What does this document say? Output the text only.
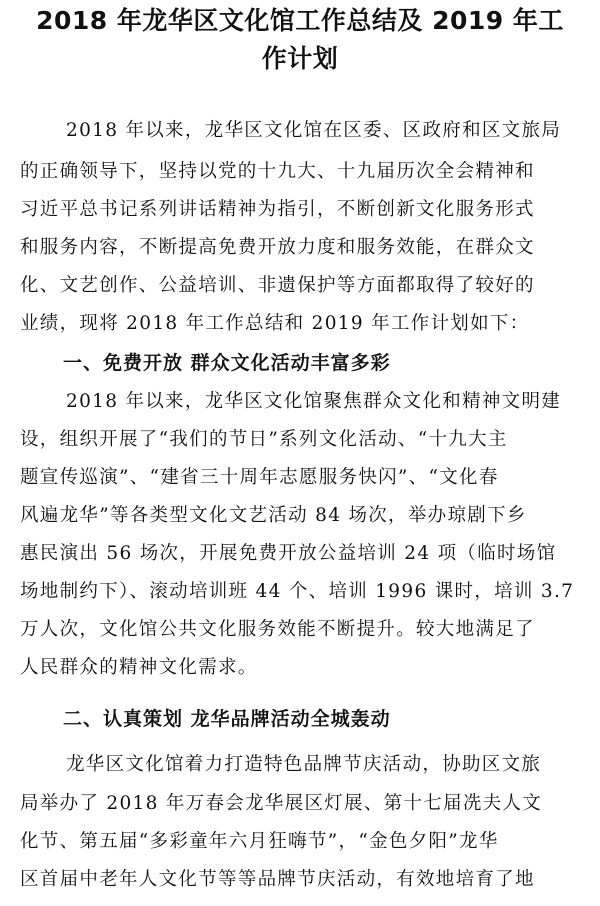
2018 年龙华区文化馆工作总结及 2019 年工
作计划
2018 年以来，龙华区文化馆在区委、区政府和区文旅局
的正确领导下，坚持以党的十九大、十九届历次全会精神和
习近平总书记系列讲话精神为指引，不断创新文化服务形式
和服务内容，不断提高免费开放力度和服务效能，在群众文
化、文艺创作、公益培训、非遗保护等方面都取得了较好的
业绩，现将 2018 年工作总结和 2019 年工作计划如下：
一、免费开放 群众文化活动丰富多彩
2018 年以来，龙华区文化馆聚焦群众文化和精神文明建
设，组织开展了“我们的节日”系列文化活动、“十九大主
题宣传巡演”、“建省三十周年志愿服务快闪”、“文化春
风遍龙华”等各类型文化文艺活动 84 场次，举办琼剧下乡
惠民演出 56 场次，开展免费开放公益培训 24 项（临时场馆
场地制约下）、滚动培训班 44 个、培训 1996 课时，培训 3.7
万人次，文化馆公共文化服务效能不断提升。较大地满足了
人民群众的精神文化需求。
二、认真策划 龙华品牌活动全城轰动
龙华区文化馆着力打造特色品牌节庆活动，协助区文旅
局举办了 2018 年万春会龙华展区灯展、第十七届冼夫人文
化节、第五届“多彩童年六月狂嗨节”，“金色夕阳”龙华
区首届中老年人文化节等等品牌节庆活动，有效地培育了地
